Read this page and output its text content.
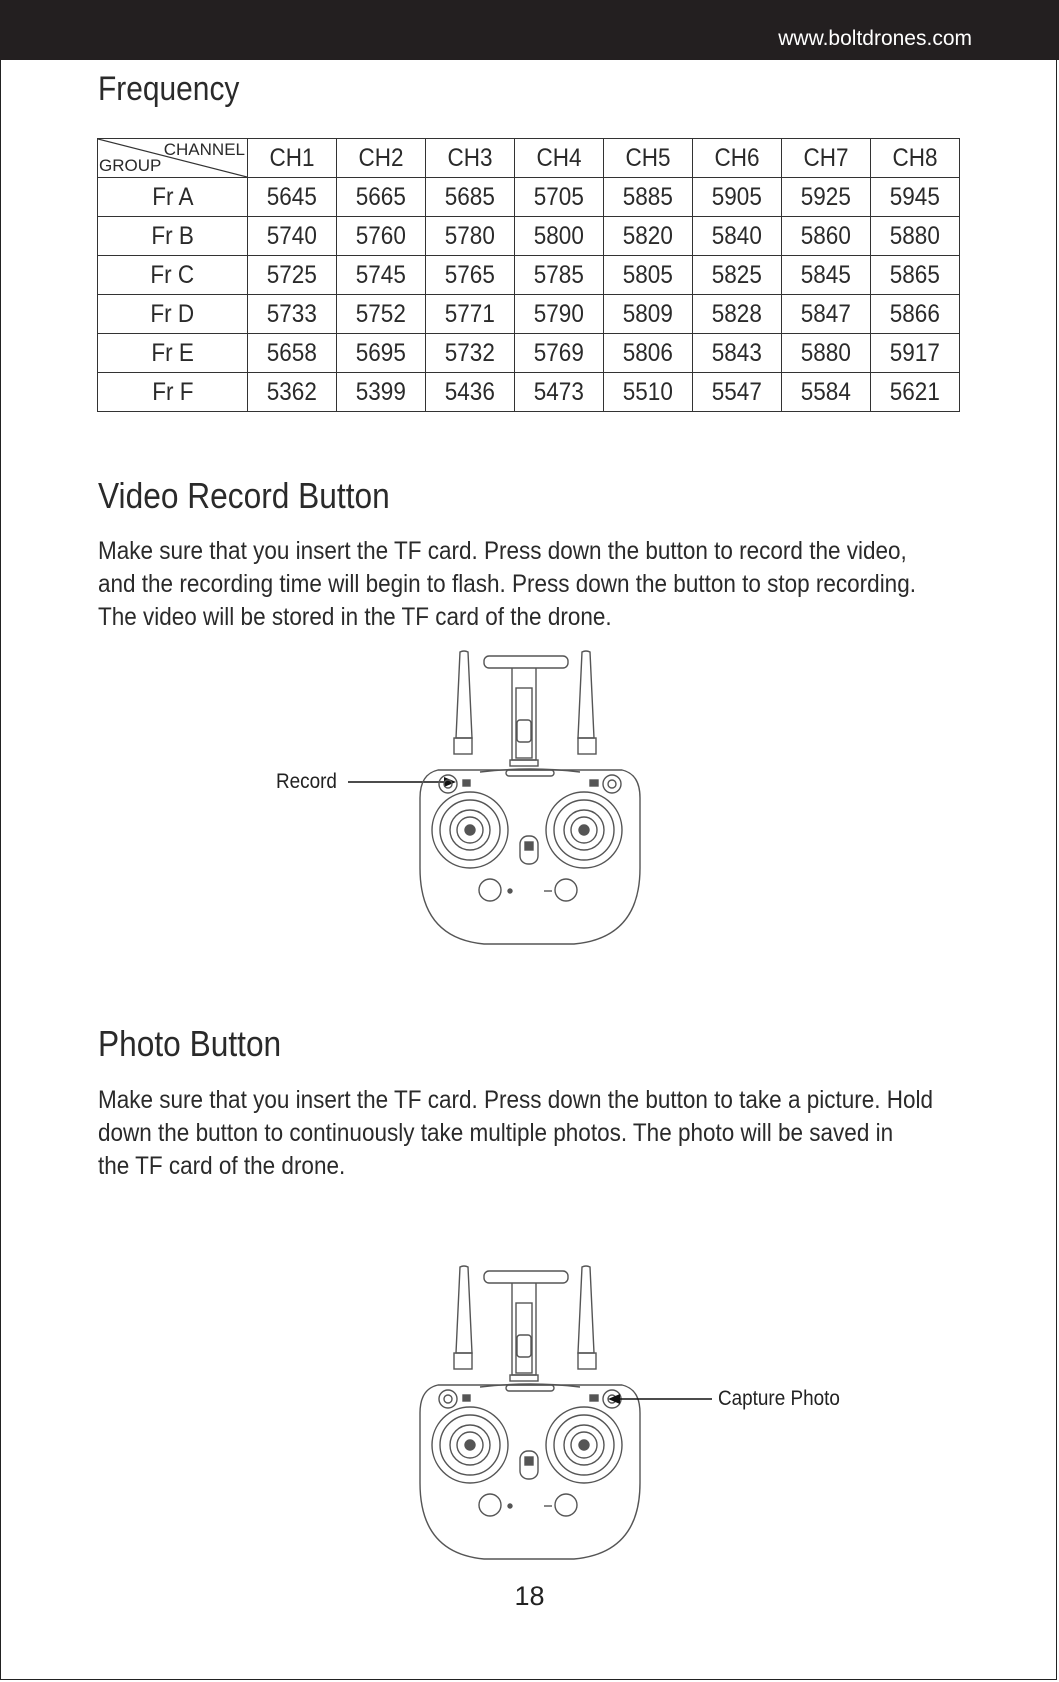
www.boltdrones.com
Frequency
CHANNEL
GROUP	CH1	CH2	CH3	CH4	CH5	CH6	CH7	CH8
Fr A	5645	5665	5685	5705	5885	5905	5925	5945
Fr B	5740	5760	5780	5800	5820	5840	5860	5880
Fr C	5725	5745	5765	5785	5805	5825	5845	5865
Fr D	5733	5752	5771	5790	5809	5828	5847	5866
Fr E	5658	5695	5732	5769	5806	5843	5880	5917
Fr F	5362	5399	5436	5473	5510	5547	5584	5621
Video Record Button
Make sure that you insert the TF card. Press down the button to record the video,
and the recording time will begin to flash. Press down the button to stop recording.
The video will be stored in the TF card of the drone.
Record
Photo Button
Make sure that you insert the TF card. Press down the button to take a picture. Hold
down the button to continuously take multiple photos. The photo will be saved in
the TF card of the drone.
Capture Photo
18
